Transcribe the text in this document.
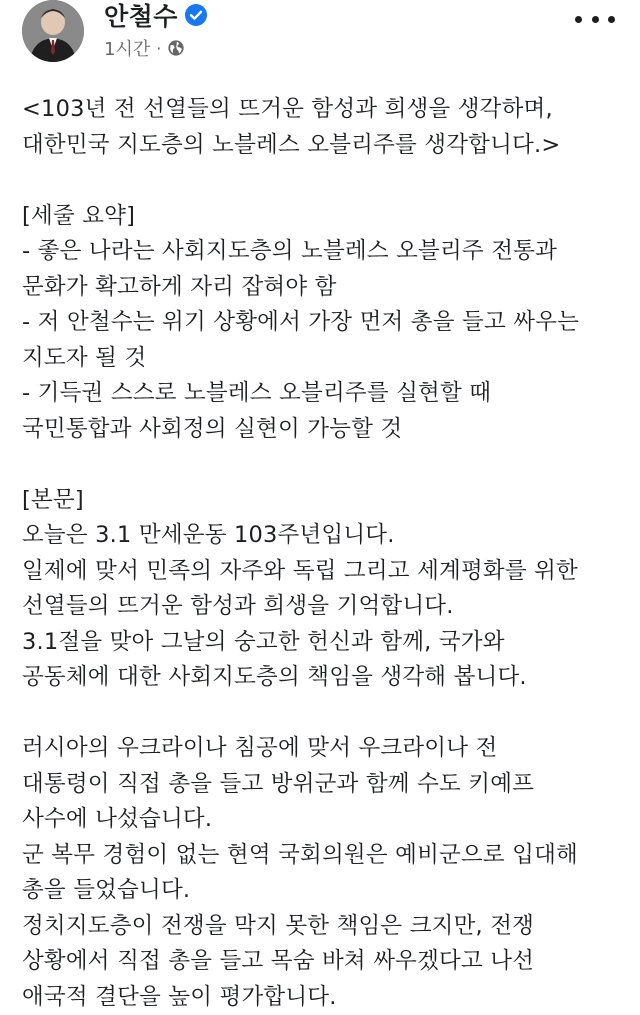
안철수
1시간 ·
<103년 전 선열들의 뜨거운 함성과 희생을 생각하며,
대한민국 지도층의 노블레스 오블리주를 생각합니다.>
[세줄 요약]
- 좋은 나라는 사회지도층의 노블레스 오블리주 전통과
문화가 확고하게 자리 잡혀야 함
- 저 안철수는 위기 상황에서 가장 먼저 총을 들고 싸우는
지도자 될 것
- 기득권 스스로 노블레스 오블리주를 실현할 때
국민통합과 사회정의 실현이 가능할 것
[본문]
오늘은 3.1 만세운동 103주년입니다.
일제에 맞서 민족의 자주와 독립 그리고 세계평화를 위한
선열들의 뜨거운 함성과 희생을 기억합니다.
3.1절을 맞아 그날의 숭고한 헌신과 함께, 국가와
공동체에 대한 사회지도층의 책임을 생각해 봅니다.
러시아의 우크라이나 침공에 맞서 우크라이나 전
대통령이 직접 총을 들고 방위군과 함께 수도 키예프
사수에 나섰습니다.
군 복무 경험이 없는 현역 국회의원은 예비군으로 입대해
총을 들었습니다.
정치지도층이 전쟁을 막지 못한 책임은 크지만, 전쟁
상황에서 직접 총을 들고 목숨 바쳐 싸우겠다고 나선
애국적 결단을 높이 평가합니다.
